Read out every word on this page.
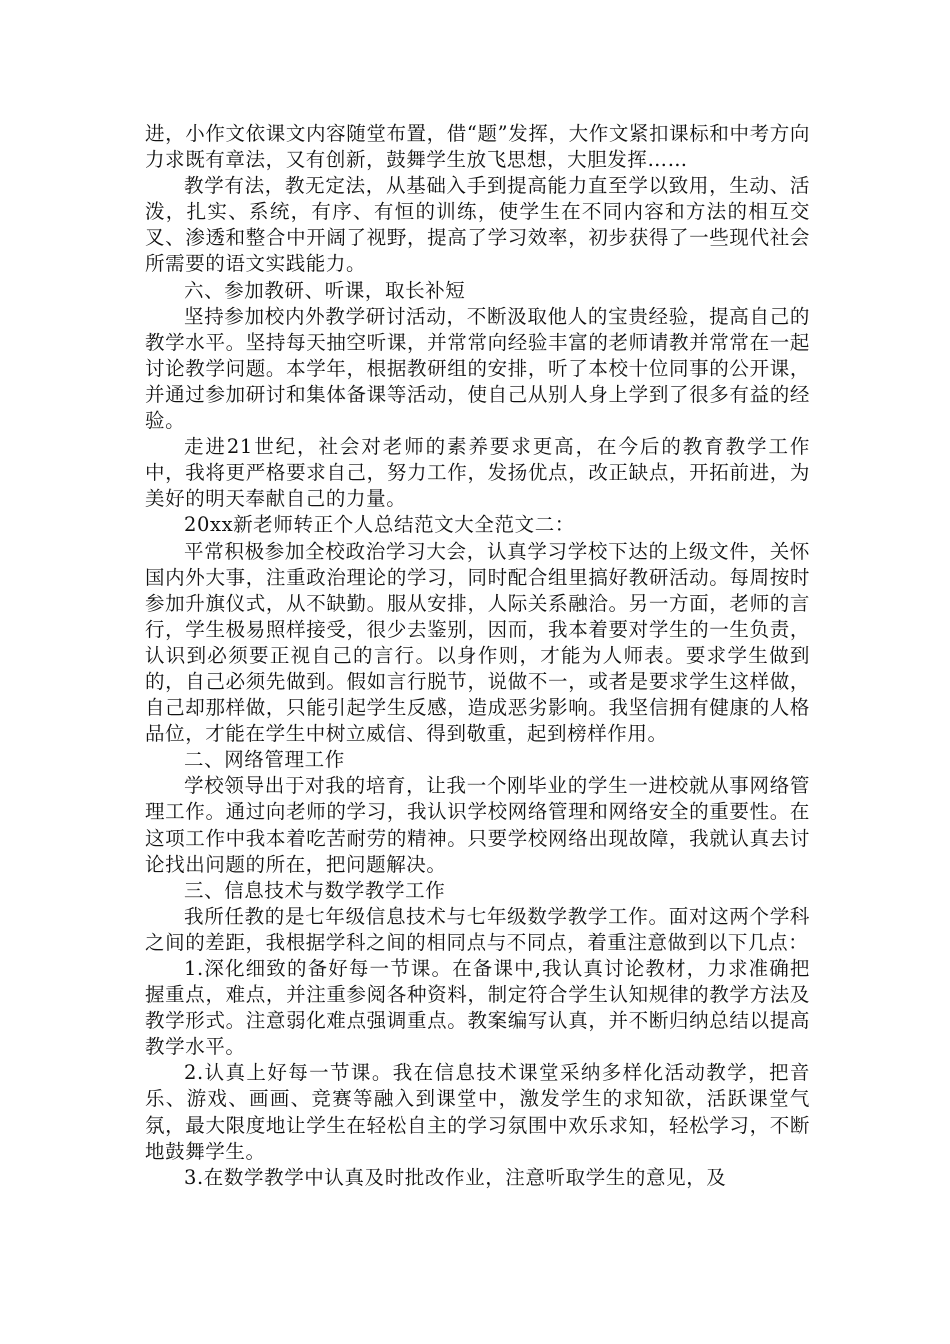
进，小作文依课文内容随堂布置，借“题”发挥，大作文紧扣课标和中考方向力求既有章法，又有创新，鼓舞学生放飞思想，大胆发挥……

教学有法，教无定法，从基础入手到提高能力直至学以致用，生动、活泼，扎实、系统，有序、有恒的训练，使学生在不同内容和方法的相互交叉、渗透和整合中开阔了视野，提高了学习效率，初步获得了一些现代社会所需要的语文实践能力。

六、参加教研、听课，取长补短

坚持参加校内外教学研讨活动，不断汲取他人的宝贵经验，提高自己的教学水平。坚持每天抽空听课，并常常向经验丰富的老师请教并常常在一起讨论教学问题。本学年，根据教研组的安排，听了本校十位同事的公开课，并通过参加研讨和集体备课等活动，使自己从别人身上学到了很多有益的经验。

走进21世纪，社会对老师的素养要求更高，在今后的教育教学工作中，我将更严格要求自己，努力工作，发扬优点，改正缺点，开拓前进，为美好的明天奉献自己的力量。

20xx新老师转正个人总结范文大全范文二：

平常积极参加全校政治学习大会，认真学习学校下达的上级文件，关怀国内外大事，注重政治理论的学习，同时配合组里搞好教研活动。每周按时参加升旗仪式，从不缺勤。服从安排，人际关系融洽。另一方面，老师的言行，学生极易照样接受，很少去鉴别，因而，我本着要对学生的一生负责，认识到必须要正视自己的言行。以身作则，才能为人师表。要求学生做到的，自己必须先做到。假如言行脱节，说做不一，或者是要求学生这样做，自己却那样做，只能引起学生反感，造成恶劣影响。我坚信拥有健康的人格品位，才能在学生中树立威信、得到敬重，起到榜样作用。

二、网络管理工作

学校领导出于对我的培育，让我一个刚毕业的学生一进校就从事网络管理工作。通过向老师的学习，我认识学校网络管理和网络安全的重要性。在这项工作中我本着吃苦耐劳的精神。只要学校网络出现故障，我就认真去讨论找出问题的所在，把问题解决。

三、信息技术与数学教学工作

我所任教的是七年级信息技术与七年级数学教学工作。面对这两个学科之间的差距，我根据学科之间的相同点与不同点，着重注意做到以下几点：

1.深化细致的备好每一节课。在备课中,我认真讨论教材，力求准确把握重点，难点，并注重参阅各种资料，制定符合学生认知规律的教学方法及教学形式。注意弱化难点强调重点。教案编写认真，并不断归纳总结以提高教学水平。

2.认真上好每一节课。我在信息技术课堂采纳多样化活动教学，把音乐、游戏、画画、竞赛等融入到课堂中，激发学生的求知欲，活跃课堂气氛，最大限度地让学生在轻松自主的学习氛围中欢乐求知，轻松学习，不断地鼓舞学生。

3.在数学教学中认真及时批改作业，注意听取学生的意见，及
